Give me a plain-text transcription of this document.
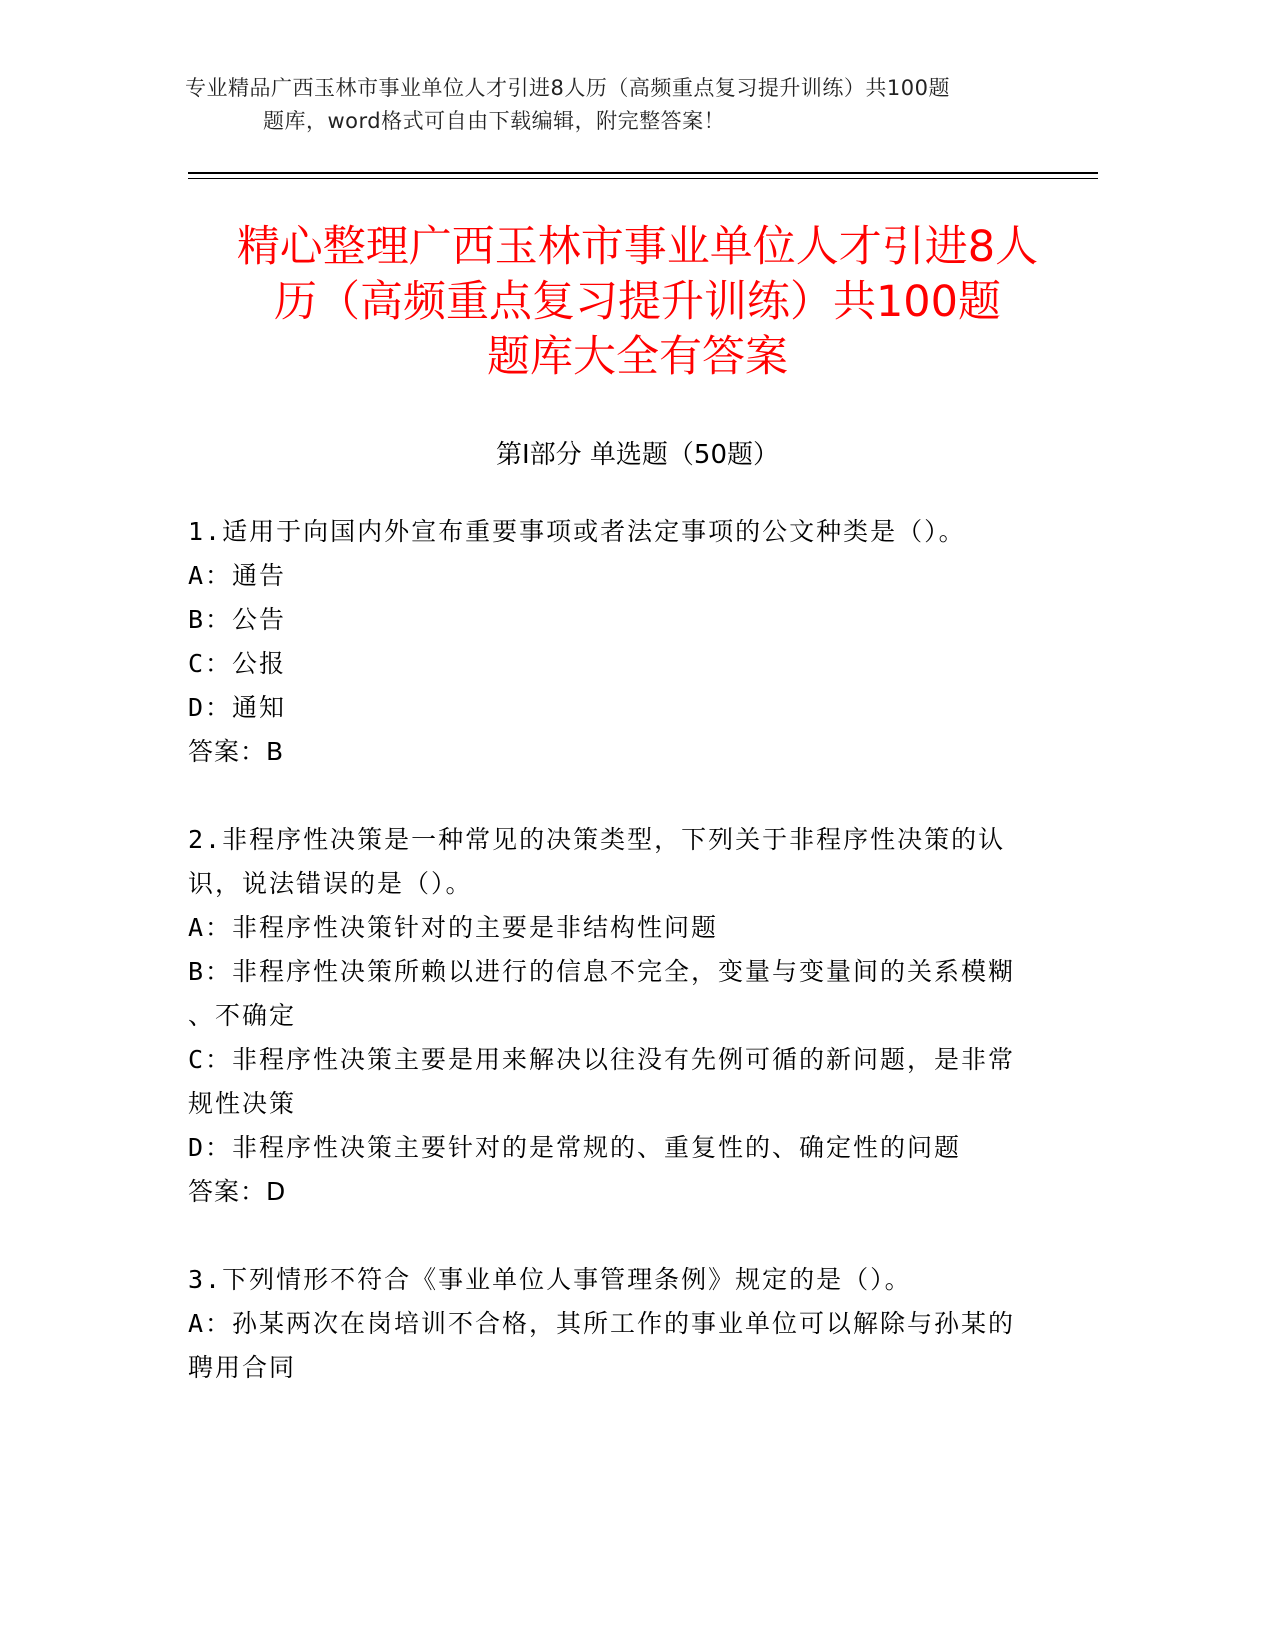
专业精品广西玉林市事业单位人才引进8人历（高频重点复习提升训练）共100题
题库，word格式可自由下载编辑，附完整答案！
精心整理广西玉林市事业单位人才引进8人
历（高频重点复习提升训练）共100题
题库大全有答案
第Ⅰ部分 单选题（50题）
1.适用于向国内外宣布重要事项或者法定事项的公文种类是（）。
A：通告
B：公告
C：公报
D：通知
答案：B
2.非程序性决策是一种常见的决策类型，下列关于非程序性决策的认
识，说法错误的是（）。
A：非程序性决策针对的主要是非结构性问题
B：非程序性决策所赖以进行的信息不完全，变量与变量间的关系模糊
、不确定
C：非程序性决策主要是用来解决以往没有先例可循的新问题，是非常
规性决策
D：非程序性决策主要针对的是常规的、重复性的、确定性的问题
答案：D
3.下列情形不符合《事业单位人事管理条例》规定的是（）。
A：孙某两次在岗培训不合格，其所工作的事业单位可以解除与孙某的
聘用合同
